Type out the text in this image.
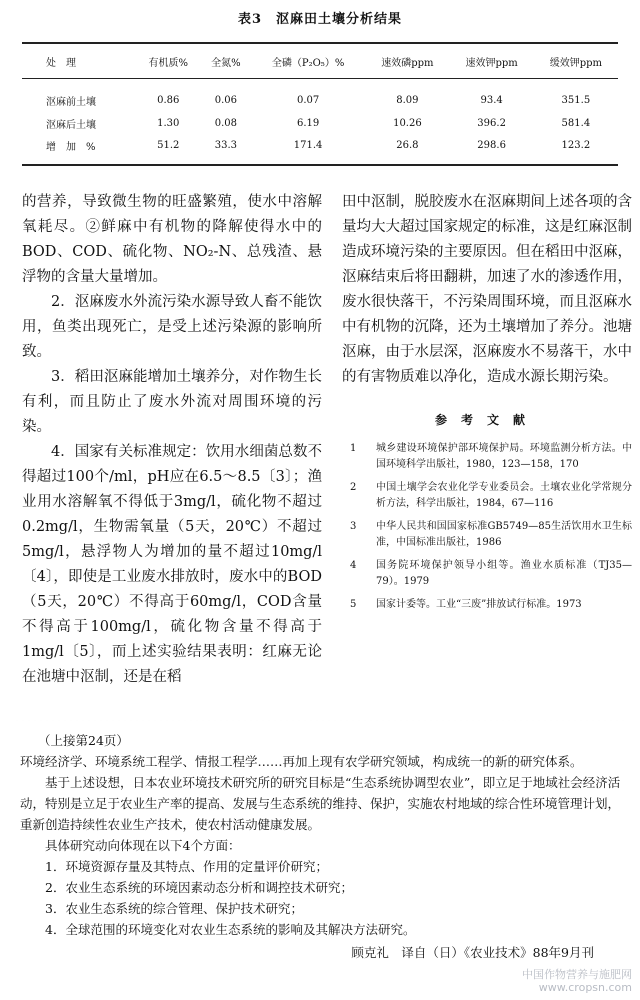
表3　沤麻田土壤分析结果
处　理	有机质%	全氮%	全磷（P₂O₅）%	速效磷ppm	速效钾ppm	缓效钾ppm
沤麻前土壤	0.86	0.06	0.07	8.09	93.4	351.5
沤麻后土壤	1.30	0.08	6.19	10.26	396.2	581.4
增　加　%	51.2	33.3	171.4	26.8	298.6	123.2

的营养，导致微生物的旺盛繁殖，使水中溶解氧耗尽。②鲜麻中有机物的降解使得水中的BOD、COD、硫化物、NO₂-N、总残渣、悬浮物的含量大量增加。

2．沤麻废水外流污染水源导致人畜不能饮用，鱼类出现死亡，是受上述污染源的影响所致。

3．稻田沤麻能增加土壤养分，对作物生长有利，而且防止了废水外流对周围环境的污染。

4．国家有关标准规定：饮用水细菌总数不得超过100个/ml，pH应在6.5～8.5〔3〕；渔业用水溶解氧不得低于3mg/l，硫化物不超过0.2mg/l，生物需氧量（5天，20℃）不超过5mg/l，悬浮物人为增加的量不超过10mg/l〔4〕，即使是工业废水排放时，废水中的BOD（5天，20℃）不得高于60mg/l，COD含量不得高于100mg/l，硫化物含量不得高于1mg/l〔5〕，而上述实验结果表明：红麻无论在池塘中沤制，还是在稻

田中沤制，脱胶废水在沤麻期间上述各项的含量均大大超过国家规定的标准，这是红麻沤制造成环境污染的主要原因。但在稻田中沤麻，沤麻结束后将田翻耕，加速了水的渗透作用，废水很快落干，不污染周围环境，而且沤麻水中有机物的沉降，还为土壤增加了养分。池塘沤麻，由于水层深，沤麻废水不易落干，水中的有害物质难以净化，造成水源长期污染。

参考文献
1	城乡建设环境保护部环境保护局。环境监测分析方法。中国环境科学出版社，1980，123—158，170
2	中国土壤学会农业化学专业委员会。土壤农业化学常规分析方法，科学出版社，1984，67—116
3	中华人民共和国国家标准GB5749—85生活饮用水卫生标准，中国标准出版社，1986
4	国务院环境保护领导小组等。渔业水质标准（TJ35—79）。1979
5	国家计委等。工业“三废”排放试行标准。1973

（上接第24页）

环境经济学、环境系统工程学、情报工程学……再加上现有农学研究领域，构成统一的新的研究体系。

基于上述设想，日本农业环境技术研究所的研究目标是“生态系统协调型农业”，即立足于地域社会经济活动，特别是立足于农业生产率的提高、发展与生态系统的维持、保护，实施农村地域的综合性环境管理计划，重新创造持续性农业生产技术，使农村活动健康发展。

具体研究动向体现在以下4个方面：

1．环境资源存量及其特点、作用的定量评价研究；

2．农业生态系统的环境因素动态分析和调控技术研究；

3．农业生态系统的综合管理、保护技术研究；

4．全球范围的环境变化对农业生态系统的影响及其解决方法研究。

顾克礼　译自（日）《农业技术》88年9月刊

中国作物营养与施肥网
www.cropsn.com
